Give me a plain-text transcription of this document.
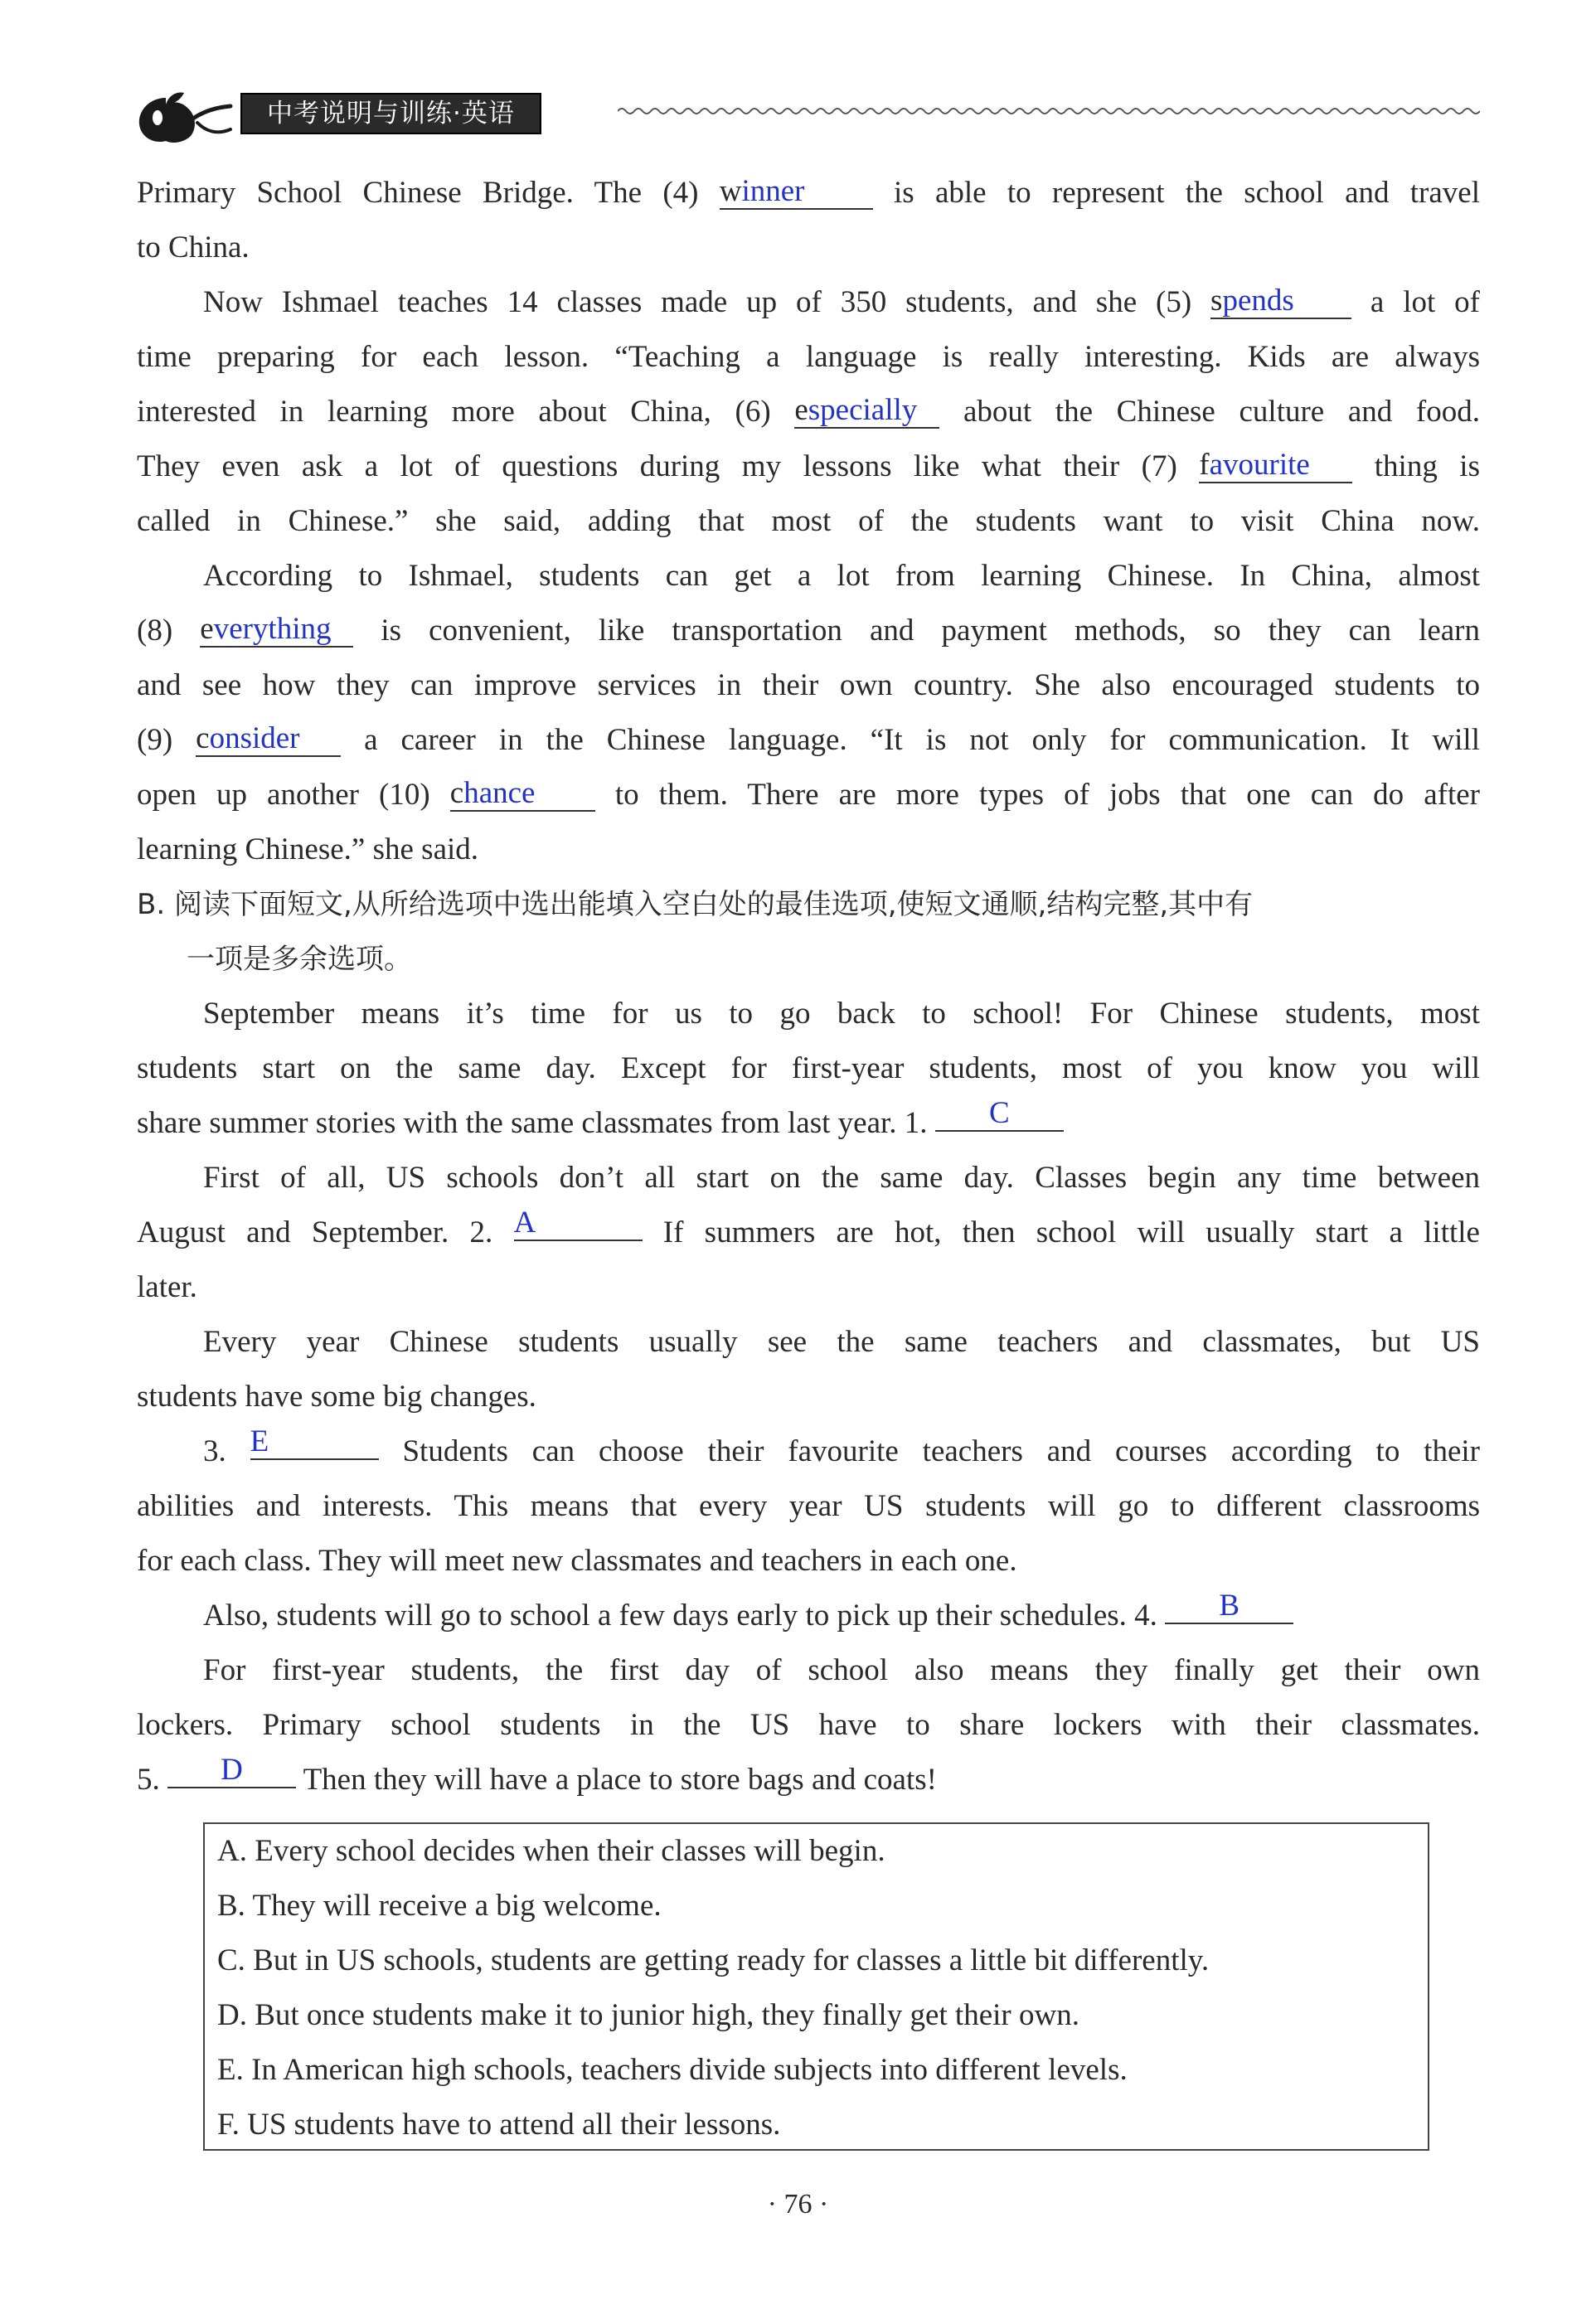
中考说明与训练·英语
Primary School Chinese Bridge. The (4) winner is able to represent the school and travel
to China.
Now Ishmael teaches 14 classes made up of 350 students, and she (5) spends a lot of
time preparing for each lesson. “Teaching a language is really interesting. Kids are always
interested in learning more about China, (6) especially about the Chinese culture and food.
They even ask a lot of questions during my lessons like what their (7) favourite thing is
called in Chinese.” she said, adding that most of the students want to visit China now.
According to Ishmael, students can get a lot from learning Chinese. In China, almost
(8) everything is convenient, like transportation and payment methods, so they can learn
and see how they can improve services in their own country. She also encouraged students to
(9) consider a career in the Chinese language. “It is not only for communication. It will
open up another (10) chance to them. There are more types of jobs that one can do after
learning Chinese.” she said.
B. 阅读下面短文,从所给选项中选出能填入空白处的最佳选项,使短文通顺,结构完整,其中有
一项是多余选项。
September means it’s time for us to go back to school! For Chinese students, most
students start on the same day. Except for first-year students, most of you know you will
share summer stories with the same classmates from last year. 1. C
First of all, US schools don’t all start on the same day. Classes begin any time between
August and September. 2. A	If summers are hot, then school will usually start a little
later.
Every year Chinese students usually see the same teachers and classmates, but US
students have some big changes.
3. E	Students can choose their favourite teachers and courses according to their
abilities and interests. This means that every year US students will go to different classrooms
for each class. They will meet new classmates and teachers in each one.
Also, students will go to school a few days early to pick up their schedules. 4. B
For first-year students, the first day of school also means they finally get their own
lockers. Primary school students in the US have to share lockers with their classmates.
5. D Then they will have a place to store bags and coats!
A. Every school decides when their classes will begin.
B. They will receive a big welcome.
C. But in US schools, students are getting ready for classes a little bit differently.
D. But once students make it to junior high, they finally get their own.
E. In American high schools, teachers divide subjects into different levels.
F. US students have to attend all their lessons.
· 76 ·
